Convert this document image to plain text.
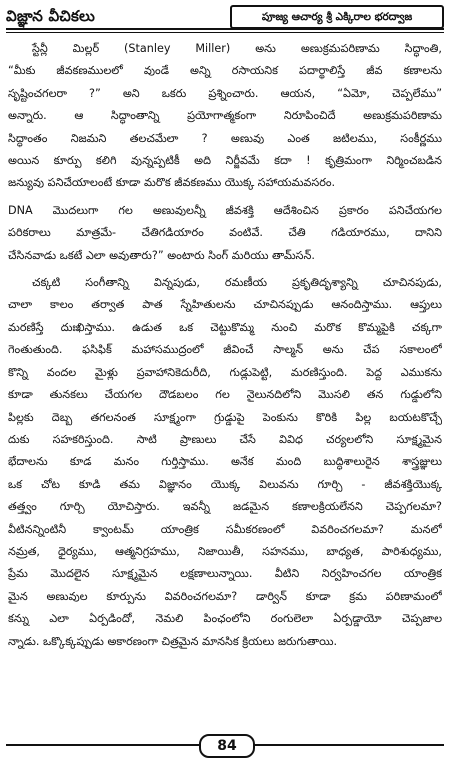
విజ్ఞాన వీచికలు	పూజ్య ఆచార్య శ్రీ ఎక్కిరాల భరద్వాజ
స్టేన్లీ మిల్లర్ (Stanley Miller) అను అణుక్రమపరిణామ సిద్ధాంతి,
“మీకు జీవకణములలో వుండే అన్ని రసాయనిక పదార్థాలిస్తే జీవ కణాలను
సృష్టించగలరా ?” అని ఒకరు ప్రశ్నించారు. ఆయన, “ఏమో, చెప్పలేము”
అన్నారు. ఆ సిద్ధాంతాన్ని ప్రయోగాత్మకంగా నిరూపించిదే అణుక్రమపరిణామ
సిద్ధాంతం నిజమని తలచమేలా ? అణువు ఎంత జటిలము, సంకీర్ణము
అయిన కూర్పు కలిగి వున్నప్పటికీ అది నిర్జీవమే కదా ! కృత్రిమంగా నిర్మించబడిన
జన్యువు పనిచేయాలంటే కూడా మరొక జీవకణము యొక్క సహాయమవసరం.
DNA మొదలుగా గల అణువులన్నీ జీవశక్తి ఆదేశించిన ప్రకారం పనిచేయగల
పరికరాలు మాత్రమే- చేతిగడియారం వంటివే. చేతి గడియారము, దానిని
చేసినవాడు ఒకటే ఎలా అవుతారు?” అంటారు సింగ్ మరియు తామ్‌సన్.
చక్కటి సంగీతాన్ని విన్నపుడు, రమణీయ ప్రకృతిదృశ్యాన్ని చూచినపుడు,
చాలా కాలం తర్వాత పాత స్నేహితులను చూచినప్పుడు ఆనందిస్తాము. ఆప్తులు
మరణిస్తే దుఃఖిస్తాము. ఉడుత ఒక చెట్టుకొమ్మ నుంచి మరొక కొమ్మపైకి చక్కగా
గెంతుతుంది. ఫసిఫిక్ మహాసముద్రంలో జీవించే సాల్మన్ అను చేప సకాలంలో
కొన్ని వందల మైళ్లు ప్రవాహానికెదురీది, గుడ్లుపెట్టి, మరణిస్తుంది. పెద్ద ఎముకను
కూడా తునకలు చేయగల దౌడబలం గల నైలునదిలోని మొసలి తన గుడ్డులోని
పిల్లకు దెబ్బ తగలనంత సూక్ష్మంగా గ్రుడ్డుపై పెంకును కొరికి పిల్ల బయటకొచ్చే
దుకు సహకరిస్తుంది. సాటి ప్రాణులు చేసే వివిధ చర్యలలోని సూక్ష్మమైన
భేదాలను కూడ మనం గుర్తిస్తాము. అనేక మంది బుద్ధిశాలురైన శాస్త్రజ్ఞులు
ఒక చోట కూడి తమ విజ్ఞానం యొక్క విలువను గూర్చి - జీవశక్తియొక్క
తత్త్వం గూర్చి యోచిస్తారు. ఇవన్నీ జడమైన కణాలక్రియలేనని చెప్పగలమా?
వీటినన్నింటినీ క్వాంటమ్ యాంత్రిక సమీకరణంలో వివరించగలమా? మనలో
నమ్రత, ధైర్యము, ఆత్మనిగ్రహము, నిజాయితీ, సహనము, బాధ్యత, పారిశుధ్యము,
ప్రేమ మొదలైన సూక్ష్మమైన లక్షణాలున్నాయి. వీటిని నిర్వహించగల యాంత్రిక
మైన అణువుల కూర్పును వివరించగలమా? డార్విన్ కూడా క్రమ పరిణామంలో
కన్ను ఎలా ఏర్పడిందో, నెమలి పింఛంలోని రంగులెలా ఏర్పడ్డాయో చెప్పజాల
న్నాడు. ఒక్కొక్కప్పుడు అకారణంగా చిత్రమైన మానసిక క్రియలు జరుగుతాయి.
84
